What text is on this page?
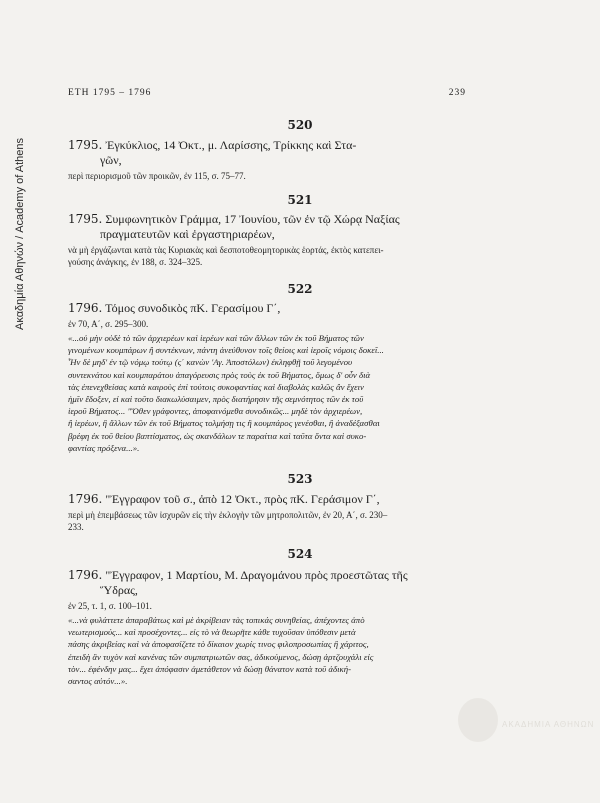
Ακαδημία Αθηνών / Academy of Athens
ΕΤΗ 1795 – 1796	239
520
1795. Ἐγκύκλιος, 14 Ὀκτ., μ. Λαρίσσης, Τρίκκης καὶ Στα-
γῶν,
περὶ περιορισμοῦ τῶν προικῶν, ἐν 115, σ. 75–77.
521
1795. Συμφωνητικὸν Γράμμα, 17 Ἰουνίου, τῶν ἐν τῷ Χώρᾳ Ναξίας
πραγματευτῶν καὶ ἐργαστηριαρέων,
νὰ μὴ ἐργάζωνται κατὰ τὰς Κυριακὰς καὶ δεσποτοθεομητορικὰς ἑορτάς, ἐκτὸς κατεπει-
γούσης ἀνάγκης, ἐν 188, σ. 324–325.
522
1796. Τόμος συνοδικὸς πΚ. Γερασίμου Γ΄,
ἐν 70, Α΄, σ. 295–300.
«...οὐ μὴν οὐδὲ τὸ τῶν ἀρχιερέων καὶ ἱερέων καὶ τῶν ἄλλων τῶν ἐκ τοῦ Βήματος τῶν
γινομένων κουμπάρων ἢ συντέκνων, πάντη ἀνεύθυνον τοῖς θείοις καὶ ἱεροῖς νόμοις δοκεῖ...
Ἦν δὲ μηδ' ἐν τῷ νόμῳ τούτῳ (ς΄ κανὼν 'Αγ. Ἀποστόλων) ἐκληφθῇ τοῦ λεγομένου
συντεκνάτου καὶ κουμπαράτου ἀπαγόρευσις πρὸς τοὺς ἐκ τοῦ Βήματος, ὅμως δ' οὖν διὰ
τὰς ἐπενεχθείσας κατὰ καιροὺς ἐπὶ τούτοις συκοφαντίας καὶ διαβολὰς καλῶς ἂν ἔχειν
ἡμῖν ἔδοξεν, εἰ καὶ τοῦτο διακωλύσαιμεν, πρὸς διατήρησιν τῆς σεμνότητος τῶν ἐκ τοῦ
ἱεροῦ Βήματος... "Ὅθεν γράφοντες, ἀποφαινόμεθα συνοδικῶς... μηδὲ τὸν ἀρχιερέων,
ἢ ἱερέων, ἢ ἄλλων τῶν ἐκ τοῦ Βήματος τολμήσῃ τις ἢ κουμπάρος γενέσθαι, ἢ ἀναδέξασθαι
βρέφη ἐκ τοῦ θείου βαπτίσματος, ὡς σκανδάλων τε παραίτια καὶ ταῦτα ὄντα καὶ συκο-
φαντίας πρόξενα...».
523
1796. "Ἐγγραφον τοῦ σ., ἀπὸ 12 Ὀκτ., πρὸς πΚ. Γεράσιμον Γ΄,
περὶ μὴ ἐπεμβάσεως τῶν ἰσχυρῶν εἰς τὴν ἐκλογὴν τῶν μητροπολιτῶν, ἐν 20, Α΄, σ. 230–
233.
524
1796. "Ἐγγραφον, 1 Μαρτίου, Μ. Δραγομάνου πρὸς προεστῶτας τῆς
Ὕδρας,
ἐν 25, τ. 1, σ. 100–101.
«...νὰ φυλάττετε ἀπαραβάτως καὶ μὲ ἀκρίβειαν τὰς τοπικάς συνηθείας, ἀπέχοντες ἀπὸ
νεωτερισμούς... καὶ προσέχοντες... εἰς τὸ νὰ θεωρῆτε κάθε τυχοῦσαν ὑπόθεσιν μετὰ
πάσης ἀκριβείας καὶ νὰ ἀποφασίζετε τὸ δίκαιον χωρίς τινος φιλοπροσωπίας ἢ χάριτος,
ἐπειδὴ ἂν τυχὸν καὶ κανένας τῶν συμπατριωτῶν σας, ἀδικούμενος, δώσῃ ἀρτζουχάλι εἰς
τὸν... ἐφένδην μας... ἔχει ἀπόφασιν ἀμετάθετον νὰ δώσῃ θάνατον κατὰ τοῦ ἀδική-
σαντος αὐτόν...».
ΑΚΑΔΗΜΙΑ ΑΘΗΝΩΝ
